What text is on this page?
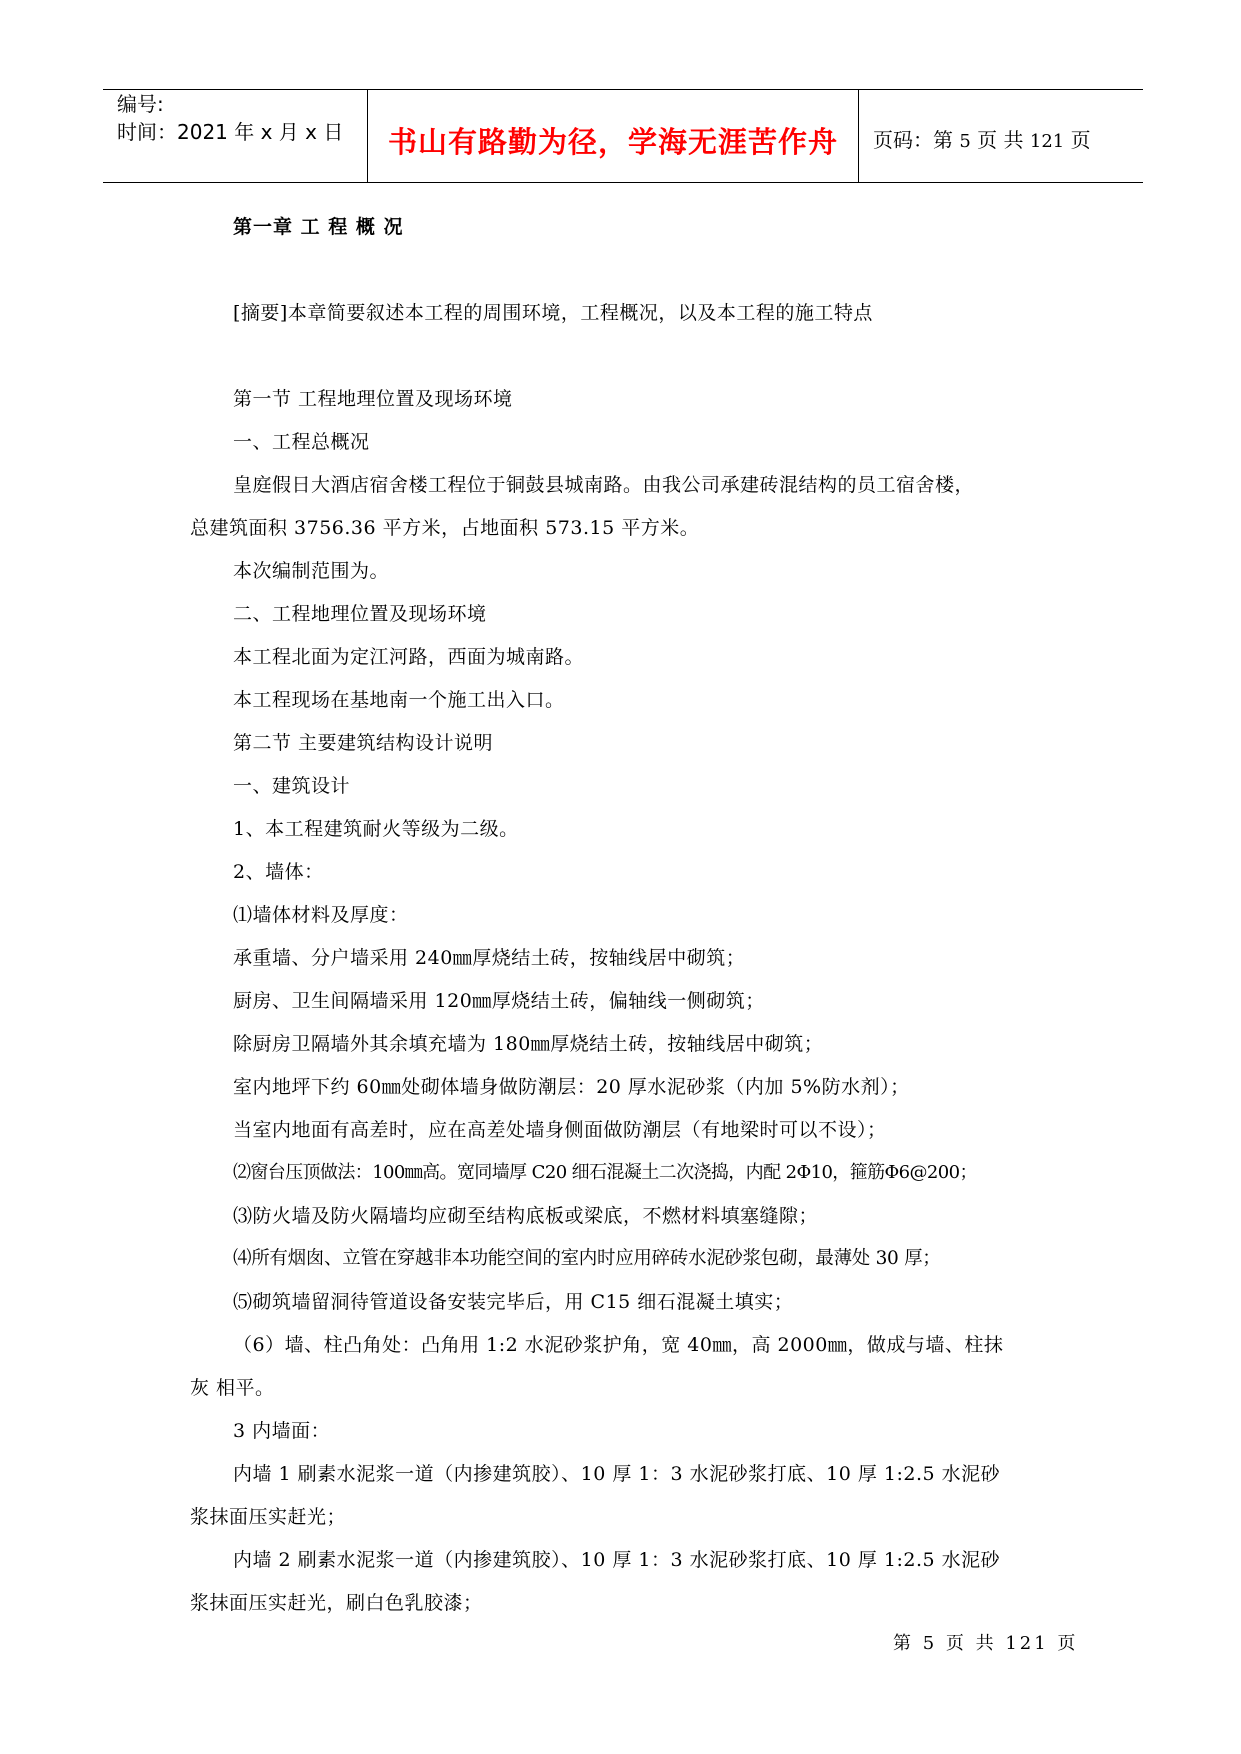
编号:
时间：2021 年 x 月 x 日	书山有路勤为径，学海无涯苦作舟	页码：第 5 页 共 121 页
第一章 工 程 概 况
[摘要]本章简要叙述本工程的周围环境，工程概况，以及本工程的施工特点
第一节 工程地理位置及现场环境
一、工程总概况
皇庭假日大酒店宿舍楼工程位于铜鼓县城南路。由我公司承建砖混结构的员工宿舍楼，
总建筑面积 3756.36 平方米，占地面积 573.15 平方米。
本次编制范围为。
二、工程地理位置及现场环境
本工程北面为定江河路，西面为城南路。
本工程现场在基地南一个施工出入口。
第二节 主要建筑结构设计说明
一、建筑设计
1、本工程建筑耐火等级为二级。
2、墙体：
⑴墙体材料及厚度：
承重墙、分户墙采用 240㎜厚烧结土砖，按轴线居中砌筑；
厨房、卫生间隔墙采用 120㎜厚烧结土砖，偏轴线一侧砌筑；
除厨房卫隔墙外其余填充墙为 180㎜厚烧结土砖，按轴线居中砌筑；
室内地坪下约 60㎜处砌体墙身做防潮层：20 厚水泥砂浆（内加 5%防水剂）；
当室内地面有高差时，应在高差处墙身侧面做防潮层（有地梁时可以不设）；
⑵窗台压顶做法：100㎜高。宽同墙厚 C20 细石混凝土二次浇捣，内配 2Φ10，箍筋Φ6@200；
⑶防火墙及防火隔墙均应砌至结构底板或梁底，不燃材料填塞缝隙；
⑷所有烟囱、立管在穿越非本功能空间的室内时应用碎砖水泥砂浆包砌，最薄处 30 厚；
⑸砌筑墙留洞待管道设备安装完毕后，用 C15 细石混凝土填实；
（6）墙、柱凸角处：凸角用 1:2 水泥砂浆护角，宽 40㎜，高 2000㎜，做成与墙、柱抹
灰 相平。
3 内墙面：
内墙 1 刷素水泥浆一道（内掺建筑胶）、10 厚 1：3 水泥砂浆打底、10 厚 1:2.5 水泥砂
浆抹面压实赶光；
内墙 2 刷素水泥浆一道（内掺建筑胶）、10 厚 1：3 水泥砂浆打底、10 厚 1:2.5 水泥砂
浆抹面压实赶光，刷白色乳胶漆；
第 5 页 共 121 页
